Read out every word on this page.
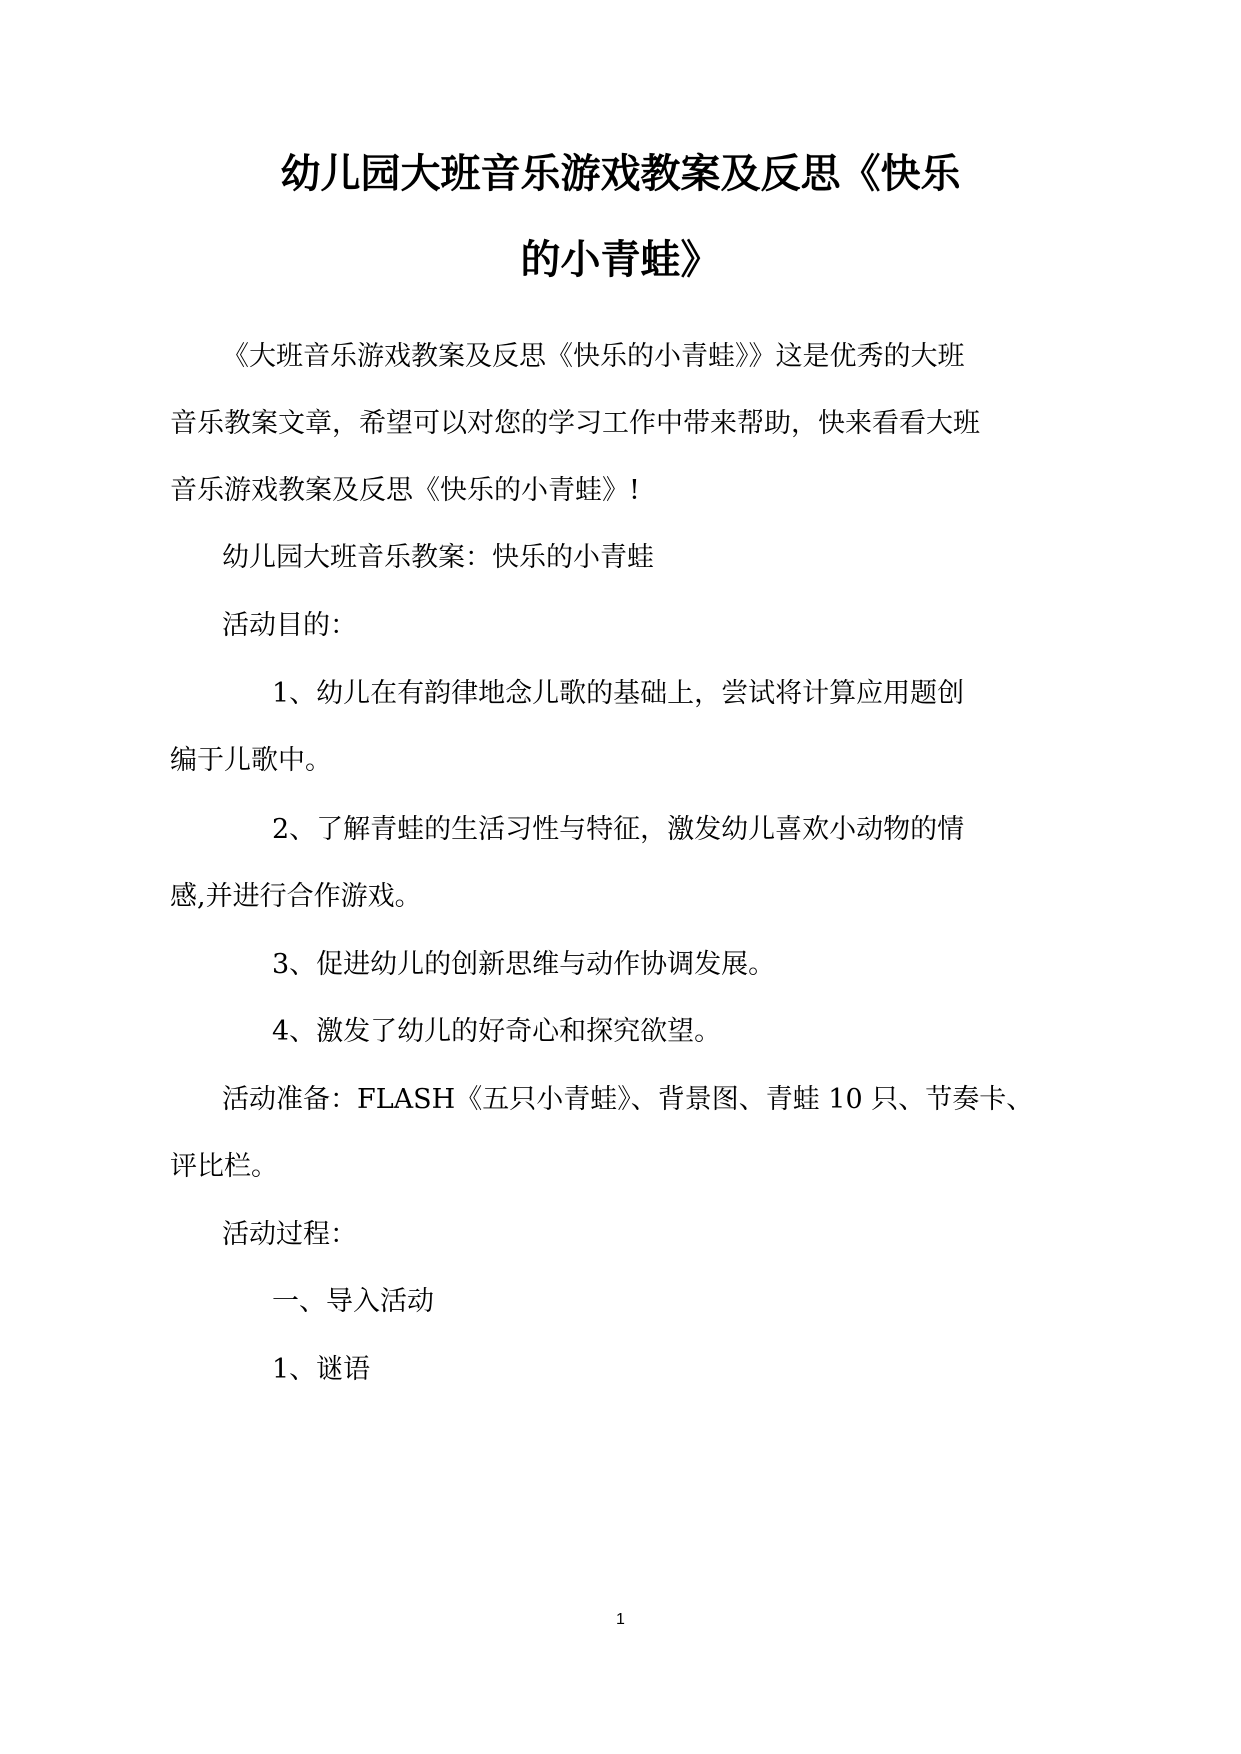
幼儿园大班音乐游戏教案及反思《快乐
的小青蛙》
《大班音乐游戏教案及反思《快乐的小青蛙》》这是优秀的大班
音乐教案文章，希望可以对您的学习工作中带来帮助，快来看看大班
音乐游戏教案及反思《快乐的小青蛙》!
幼儿园大班音乐教案：快乐的小青蛙
活动目的：
1、幼儿在有韵律地念儿歌的基础上，尝试将计算应用题创
编于儿歌中。
2、了解青蛙的生活习性与特征，激发幼儿喜欢小动物的情
感,并进行合作游戏。
3、促进幼儿的创新思维与动作协调发展。
4、激发了幼儿的好奇心和探究欲望。
活动准备：FLASH《五只小青蛙》、背景图、青蛙 10 只、节奏卡、
评比栏。
活动过程：
一、导入活动
1、谜语
1
